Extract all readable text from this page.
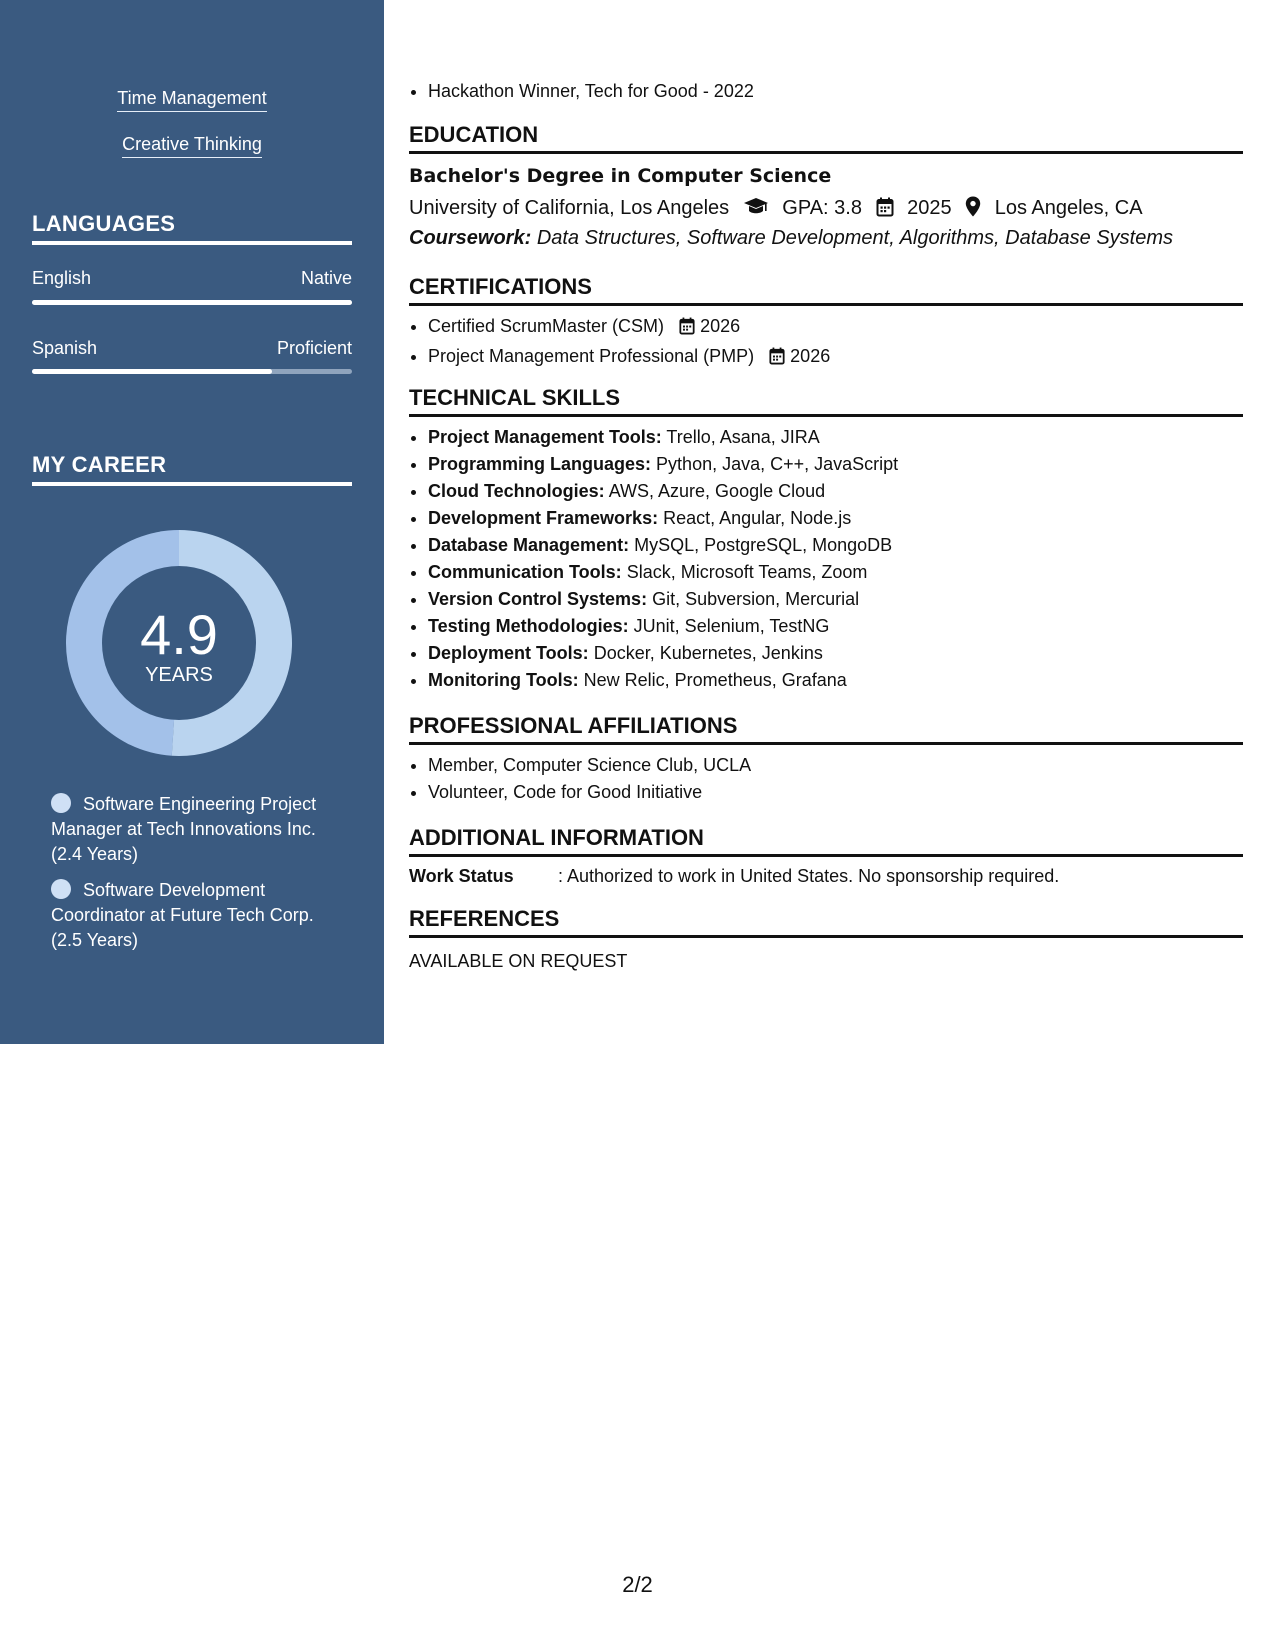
Time Management
Creative Thinking
LANGUAGES
English	Native
Spanish	Proficient
MY CAREER
4.9
YEARS
Software Engineering Project Manager at Tech Innovations Inc. (2.4 Years)
Software Development Coordinator at Future Tech Corp. (2.5 Years)
• Hackathon Winner, Tech for Good - 2022
EDUCATION
Bachelor's Degree in Computer Science
University of California, Los Angeles	GPA: 3.8 2025 Los Angeles, CA
Coursework: Data Structures, Software Development, Algorithms, Database Systems
CERTIFICATIONS
• Certified ScrumMaster (CSM) 2026
• Project Management Professional (PMP) 2026
TECHNICAL SKILLS
• Project Management Tools: Trello, Asana, JIRA
• Programming Languages: Python, Java, C++, JavaScript
• Cloud Technologies: AWS, Azure, Google Cloud
• Development Frameworks: React, Angular, Node.js
• Database Management: MySQL, PostgreSQL, MongoDB
• Communication Tools: Slack, Microsoft Teams, Zoom
• Version Control Systems: Git, Subversion, Mercurial
• Testing Methodologies: JUnit, Selenium, TestNG
• Deployment Tools: Docker, Kubernetes, Jenkins
• Monitoring Tools: New Relic, Prometheus, Grafana
PROFESSIONAL AFFILIATIONS
• Member, Computer Science Club, UCLA
• Volunteer, Code for Good Initiative
ADDITIONAL INFORMATION
Work Status : Authorized to work in United States. No sponsorship required.
REFERENCES
AVAILABLE ON REQUEST
2/2
